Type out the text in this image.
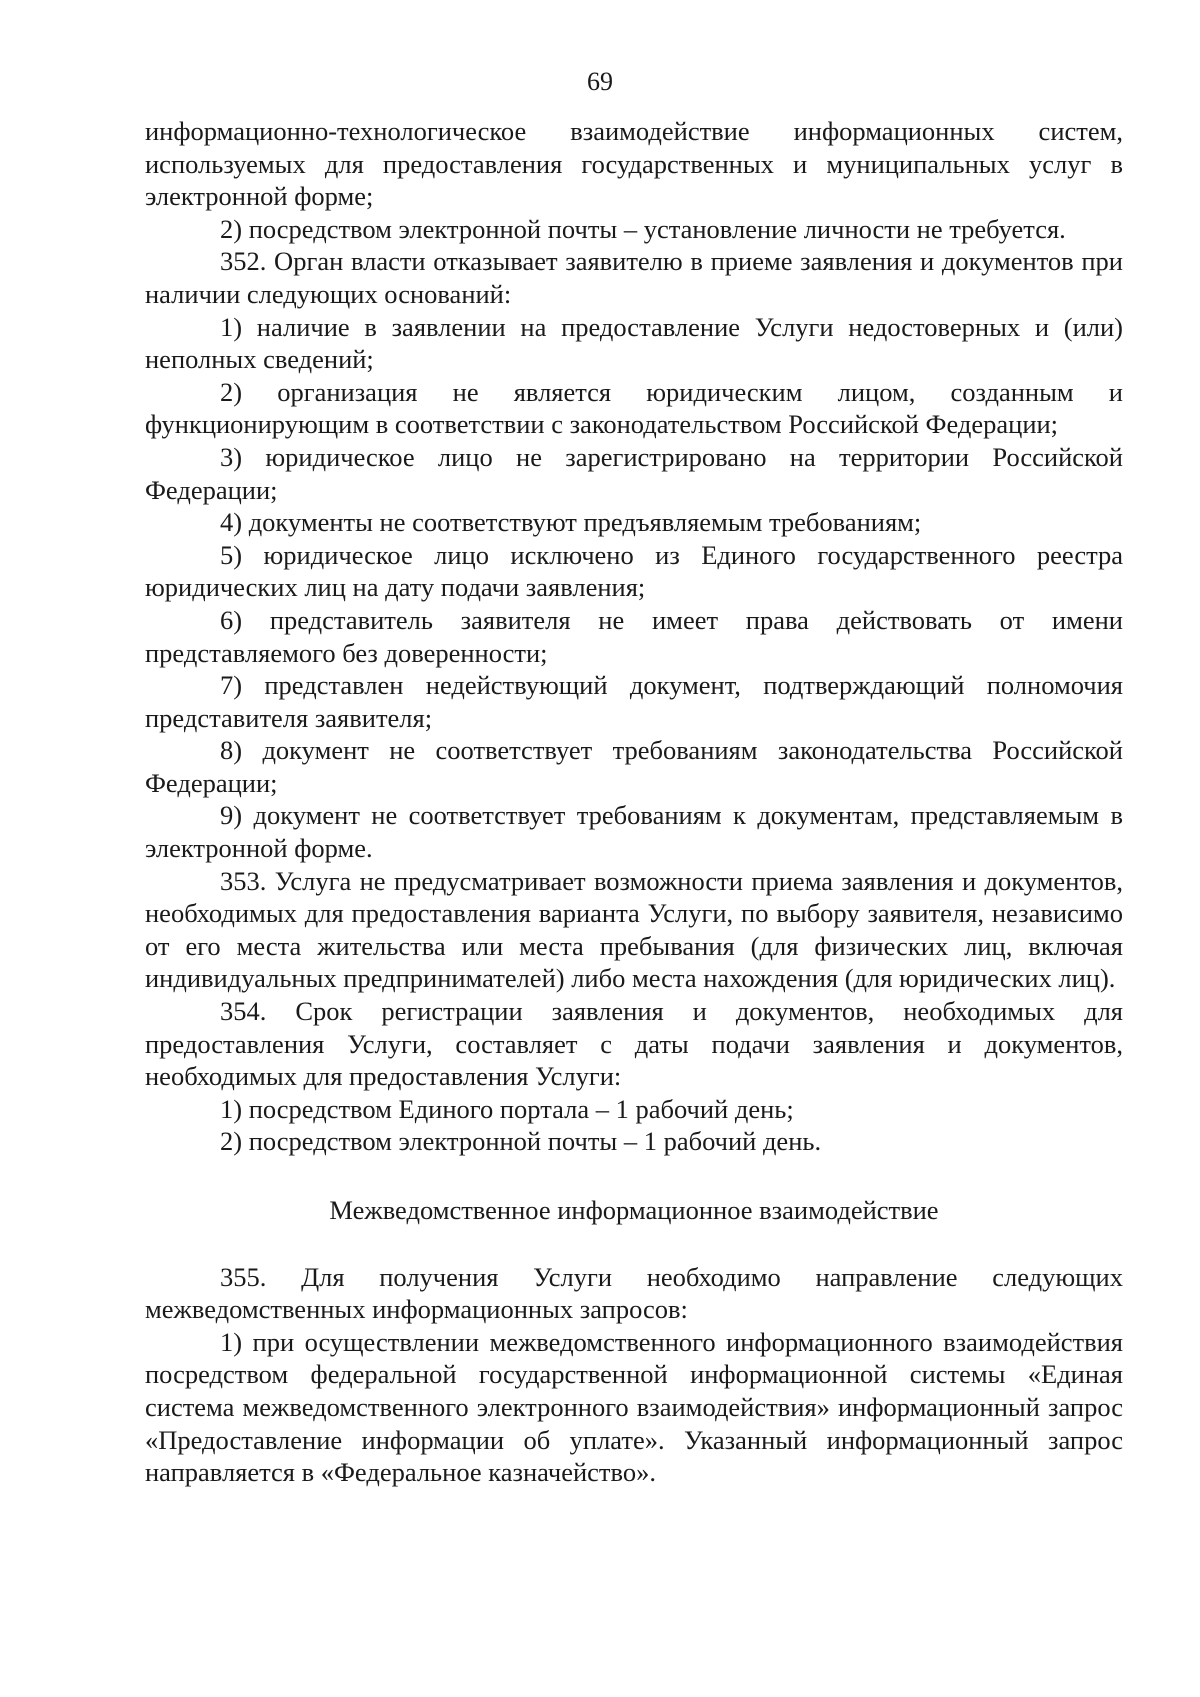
69

информационно-технологическое взаимодействие информационных систем, используемых для предоставления государственных и муниципальных услуг в электронной форме;

2) посредством электронной почты – установление личности не требуется.

352. Орган власти отказывает заявителю в приеме заявления и документов при наличии следующих оснований:

1) наличие в заявлении на предоставление Услуги недостоверных и (или) неполных сведений;

2) организация не является юридическим лицом, созданным и функционирующим в соответствии с законодательством Российской Федерации;

3) юридическое лицо не зарегистрировано на территории Российской Федерации;

4) документы не соответствуют предъявляемым требованиям;

5) юридическое лицо исключено из Единого государственного реестра юридических лиц на дату подачи заявления;

6) представитель заявителя не имеет права действовать от имени представляемого без доверенности;

7) представлен недействующий документ, подтверждающий полномочия представителя заявителя;

8) документ не соответствует требованиям законодательства Российской Федерации;

9) документ не соответствует требованиям к документам, представляемым в электронной форме.

353. Услуга не предусматривает возможности приема заявления и документов, необходимых для предоставления варианта Услуги, по выбору заявителя, независимо от его места жительства или места пребывания (для физических лиц, включая индивидуальных предпринимателей) либо места нахождения (для юридических лиц).

354. Срок регистрации заявления и документов, необходимых для предоставления Услуги, составляет с даты подачи заявления и документов, необходимых для предоставления Услуги:

1) посредством Единого портала – 1 рабочий день;

2) посредством электронной почты – 1 рабочий день.

Межведомственное информационное взаимодействие

355. Для получения Услуги необходимо направление следующих межведомственных информационных запросов:

1) при осуществлении межведомственного информационного взаимодействия посредством федеральной государственной информационной системы «Единая система межведомственного электронного взаимодействия» информационный запрос «Предоставление информации об уплате». Указанный информационный запрос направляется в «Федеральное казначейство».
